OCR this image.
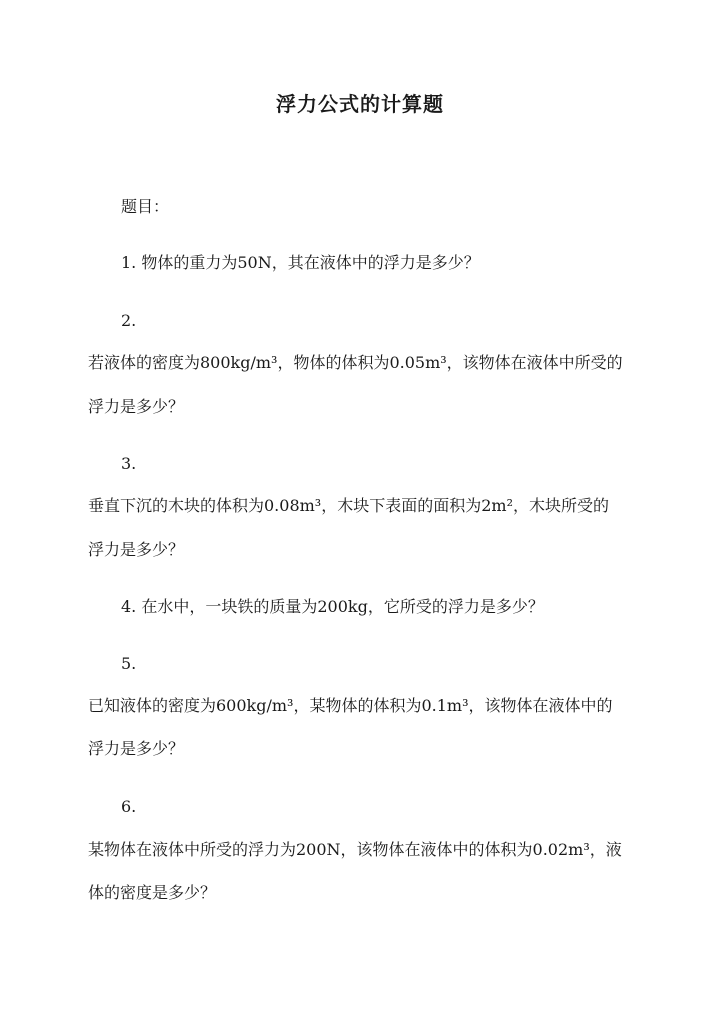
浮力公式的计算题
题目：
1. 物体的重力为50N，其在液体中的浮力是多少？
2.
若液体的密度为800kg/m³，物体的体积为0.05m³，该物体在液体中所受的
浮力是多少？
3.
垂直下沉的木块的体积为0.08m³，木块下表面的面积为2m²，木块所受的
浮力是多少？
4. 在水中，一块铁的质量为200kg，它所受的浮力是多少？
5.
已知液体的密度为600kg/m³，某物体的体积为0.1m³，该物体在液体中的
浮力是多少？
6.
某物体在液体中所受的浮力为200N，该物体在液体中的体积为0.02m³，液
体的密度是多少？
